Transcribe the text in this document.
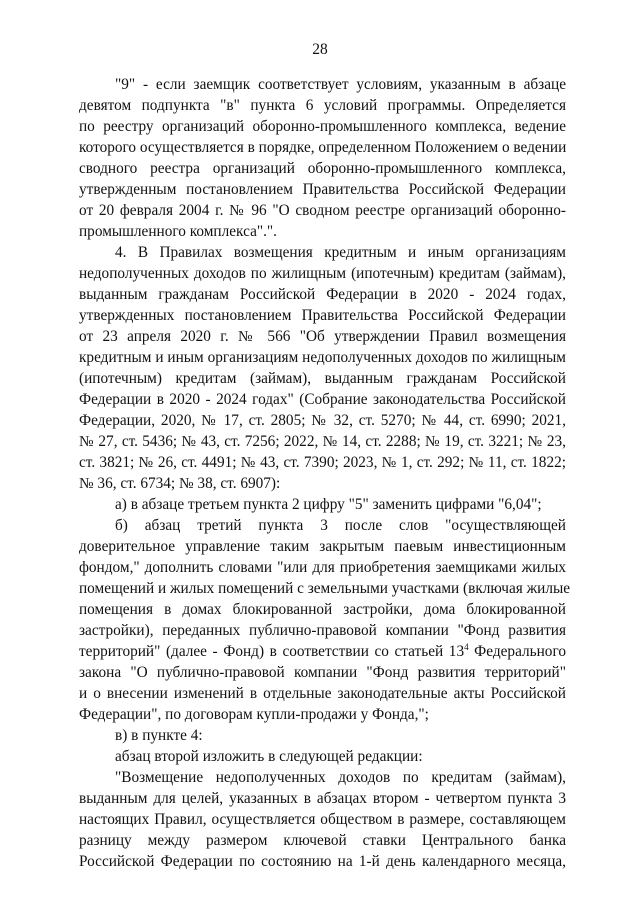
28
"9" - если заемщик соответствует условиям, указанным в абзаце
девятом подпункта "в" пункта 6 условий программы. Определяется
по реестру организаций оборонно-промышленного комплекса, ведение
которого осуществляется в порядке, определенном Положением о ведении
сводного реестра организаций оборонно-промышленного комплекса,
утвержденным постановлением Правительства Российской Федерации
от 20 февраля 2004 г. № 96 "О сводном реестре организаций оборонно-
промышленного комплекса".".
4. В Правилах возмещения кредитным и иным организациям
недополученных доходов по жилищным (ипотечным) кредитам (займам),
выданным гражданам Российской Федерации в 2020 - 2024 годах,
утвержденных постановлением Правительства Российской Федерации
от 23 апреля 2020 г. № 566 "Об утверждении Правил возмещения
кредитным и иным организациям недополученных доходов по жилищным
(ипотечным) кредитам (займам), выданным гражданам Российской
Федерации в 2020 - 2024 годах" (Собрание законодательства Российской
Федерации, 2020, № 17, ст. 2805; № 32, ст. 5270; № 44, ст. 6990; 2021,
№ 27, ст. 5436; № 43, ст. 7256; 2022, № 14, ст. 2288; № 19, ст. 3221; № 23,
ст. 3821; № 26, ст. 4491; № 43, ст. 7390; 2023, № 1, ст. 292; № 11, ст. 1822;
№ 36, ст. 6734; № 38, ст. 6907):
а) в абзаце третьем пункта 2 цифру "5" заменить цифрами "6,04";
б) абзац третий пункта 3 после слов "осуществляющей
доверительное управление таким закрытым паевым инвестиционным
фондом," дополнить словами "или для приобретения заемщиками жилых
помещений и жилых помещений с земельными участками (включая жилые
помещения в домах блокированной застройки, дома блокированной
застройки), переданных публично-правовой компании "Фонд развития
территорий" (далее - Фонд) в соответствии со статьей $13^4$ Федерального
закона "О публично-правовой компании "Фонд развития территорий"
и о внесении изменений в отдельные законодательные акты Российской
Федерации", по договорам купли-продажи у Фонда,";
в) в пункте 4:
абзац второй изложить в следующей редакции:
"Возмещение недополученных доходов по кредитам (займам),
выданным для целей, указанных в абзацах втором - четвертом пункта 3
настоящих Правил, осуществляется обществом в размере, составляющем
разницу между размером ключевой ставки Центрального банка
Российской Федерации по состоянию на 1-й день календарного месяца,
